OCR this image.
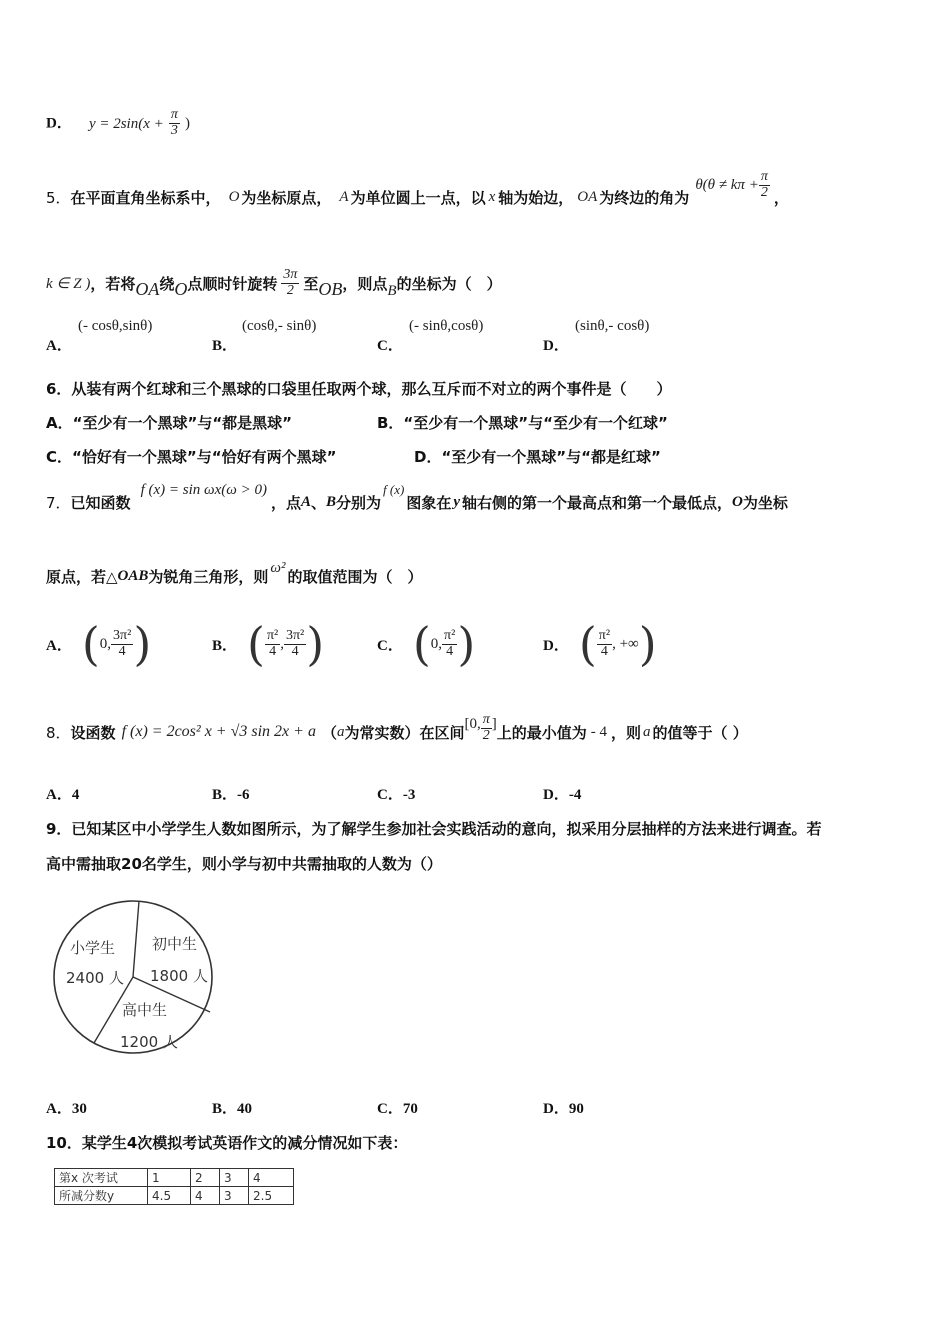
D． $y = 2\sin(x + \frac{\pi}{3}$ )
5． 在平面直角坐标系中， O 为坐标原点， A 为单位圆上一点，以 x 轴为始边， OA 为终边的角为
$\theta(\theta \ne k\pi + \frac{\pi}{2}$ ，
k ∈ Z ) ，若将 OA 绕 O 点顺时针旋转 $\frac{3\pi}{2}$ 至 OB ，则点 B 的坐标为（　）
A．
(- cosθ,sinθ)
B．
(cosθ,- sinθ)
C．
(- sinθ,cosθ)
D．
(sinθ,- cosθ)
6．从装有两个红球和三个黑球的口袋里任取两个球，那么互斥而不对立的两个事件是（　　）
A．“至少有一个黑球”与“都是黑球”	B．“至少有一个黑球”与“至少有一个红球”
C．“恰好有一个黑球”与“恰好有两个黑球”	D．“至少有一个黑球”与“都是红球”
7． 已知函数
f (x) = sin ωx(ω > 0)
，点 A 、 B 分别为
f (x)
图象在 y 轴右侧的第一个最高点和第一个最低点， O 为坐标
原点，若△ OAB 为锐角三角形，则 ω² 的取值范围为（　）
A． ( 0, $\frac{\text{3π²}}{4}$ )	B． ( $\frac{\text{π²}}{4}$ , $\frac{\text{3π²}}{4}$ )	C． ( 0, $\frac{\text{π²}}{4}$ )	D． ( $\frac{\text{π²}}{4}$ , +∞ )
8． 设函数 f (x) = 2cos² x + √3 sin 2x + a （ a 为常实数）在区间 [0, $\frac{\pi}{2}$ ] 上的最小值为 - 4 ，则 a 的值等于（ ）
A．4	B．-6	C．-3	D．-4
9．已知某区中小学学生人数如图所示，为了解学生参加社会实践活动的意向，拟采用分层抽样的方法来进行调查。若
高中需抽取20名学生，则小学与初中共需抽取的人数为（）
小学生
2400 人
初中生
1800 人
高中生
1200 人
A．30	B．40	C．70	D．90
10．某学生4次模拟考试英语作文的减分情况如下表：
第x 次考试	1	2	3	4
所减分数y	4.5	4	3	2.5
